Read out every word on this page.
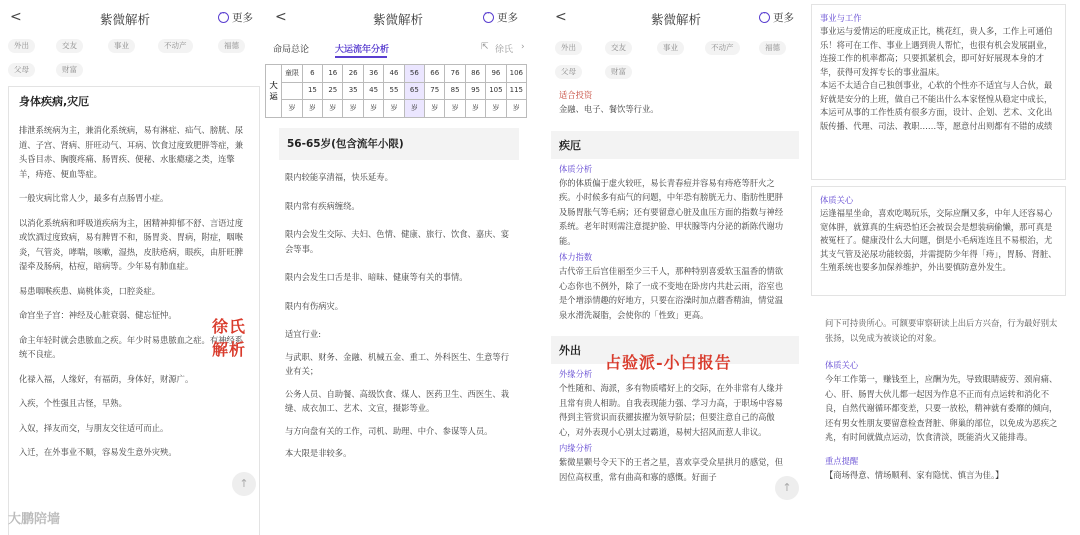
<	紫微解析 ···	更多
外出	交友	事业	不动产	福德
父母	财富
身体疾病,灾厄
排泄系统病为主，兼消化系统病，易有淋症、疝气、膀胱、尿道、子宫、肾病、肝旺动气、耳病、饮食过度致肥胖等症，兼头昏目赤、胸腹疼痛、肠胃疾、便秘、水胀瘾痿之类，连擎羊，痔疮、便血等症。
一般灾病比常人少，最多有点肠胃小症。
以消化系统病和呼吸道疾病为主，困精神抑郁不舒、言语过度或饮酒过度致病，易有脾胃不和，肠胃炎、胃病，附症，咽喉炎，气管炎，哮喘，咳嗽，湿热，皮肤疮病，眼疾，由肝旺脾湿牵及肠病，枯痘，暗病等。少年易有肺血症。
易患咽喉疾患、扁桃体炎，口腔炎症。
命宫坐子宫：神经及心脏衰弱、健忘怔忡。
命主年轻时就会患脓血之疾。年少时易患脓血之症。有神经系统不良症。
化禄入福，人缘好，有福荫，身体好，财源广。
入疾，个性强且古怪，早熟。
入奴，择友而交，与朋友交往适可而止。
入迁，在外事业不顺，容易发生意外灾殃。
徐氏解析
↑
大鹏陪墙
<	紫微解析 ···	更多
命局总论	大运流年分析	⇱ 徐氏 ›
大运	童限	6	16	26	36	46	56	66	76	86	96	106
		15	25	35	45	55	65	75	85	95	105	115
	岁	岁	岁	岁	岁	岁	岁	岁	岁	岁	岁	岁
56-65岁(包含流年小限)
限内较能享清福，快乐延寿。
限内常有疾病缠绕。
限内会发生交际、夫妇、色情、健康、旅行、饮食、嘉庆、宴会等事。
限内会发生口舌是非、暗昧、健康等有关的事情。
限内有伤病灾。
适宜行业:
与武职、财务、金融、机械五金、重工、外科医生、生意等行业有关；
公务人员、自助餐、高级饮食、煤人、医药卫生、西医生、栽缝、成衣加工、艺术、文宣，摄影等业。
与方向盘有关的工作，司机、助理、中介、参谋等人员。
本大限是非较多。
<	紫微解析 ···	更多
外出	交友	事业	不动产	福德
父母	财富
适合投资
金融、电子、餐饮等行业。
疾厄
体质分析
你的体质偏于虚火较旺，易长青春痘并容易有痔疮等肝火之疾。小时候多有疝气的问题，中年恐有膀胱无力、脂肪性肥胖及肠胃胀气等毛病；还有要留意心脏及血压方面的指数与神经系统。老年时则需注意提护脸、甲状腺等内分泌的新陈代谢功能。
体力指数
古代帝王后宫佳丽至少三千人，那种特别喜爱软玉温香的情欲心态你也不例外，除了一成不变地在卧房内共赴云雨，浴室也是个增添情趣的好地方，只要在浴澡时加点蘑香精油，情觉温泉水滑洗凝脂，会使你的「性致」更高。
外出
外缘分析
个性随和、海派，多有物质嗜好上的交际，在外非常有人缘并且常有贵人相助。自我表现能力强、学习力高，于职场中容易得到主管赏识而获擢拔擢为领导阶层；但要注意自己的高傲心，对外表现小心别太过霸道，易树大招风而惹人非议。
内缘分析
紫微星颗号令天下的王者之星，喜欢享受众星拱月的感觉，但因位高权重，常有曲高和寡的感慨。好面子
占验派-小白报告
↑
事业与工作
事业运与爱情运的旺度成正比，桃花红，贵人多，工作上可通伯乐！将可在工作、事业上遇到贵人帮忙，也很有机会发展副业，连接工作的机率都高；只要抓紧机会，即可好好展现本身的才华，获得可发挥专长的事业温床。
本运不太适合自己独创事业，心软的个性亦不适宜与人合伙，最好就是安分的上班，做自己不能出什么本家怪惶从稳定中成长，本运可从事的工作性质有很多方面，设计、企划、艺术、文化出版传播、代理、司法、教职……等，愿意付出则都有不错的成绩
体质关心
运逢福星坐命，喜欢吃喝玩乐，交际应酬又多，中年人还容易心宽体胖，就算真的生病恐怕还会被误会是想装病偷懒，那可真是被冤枉了。健康没什么大问题，倒是小毛病连连且不易根治，尤其支气管及泌尿功能较弱，并需提防少年得「痔」，胃肠、肾脏、生殖系统也要多加保养维护，外出要慎防意外发生。
问下可持贵所心。可额要审察研读上出后方兴奋，行为最好别太张扬，以免成为被谈论的对象。
体质关心
今年工作第一，赚钱至上，应酬为先，导致眼睛疲劳、颈肩痛、心、肝、肠胃大伙儿都一起因为作息不正而有点运转和消化不良，自然代谢循环都变差，只要一放松，精神就有委靡的倾向，还有男女性朋友要留意检查肾脏、卵巢的部位，以免成为恶疾之兆，有时间就做点运动，饮食清淡，既能消火又能排毒。
重点提醒
【商场得意、情场顺利、家有隐忧、慎言为佳。】
